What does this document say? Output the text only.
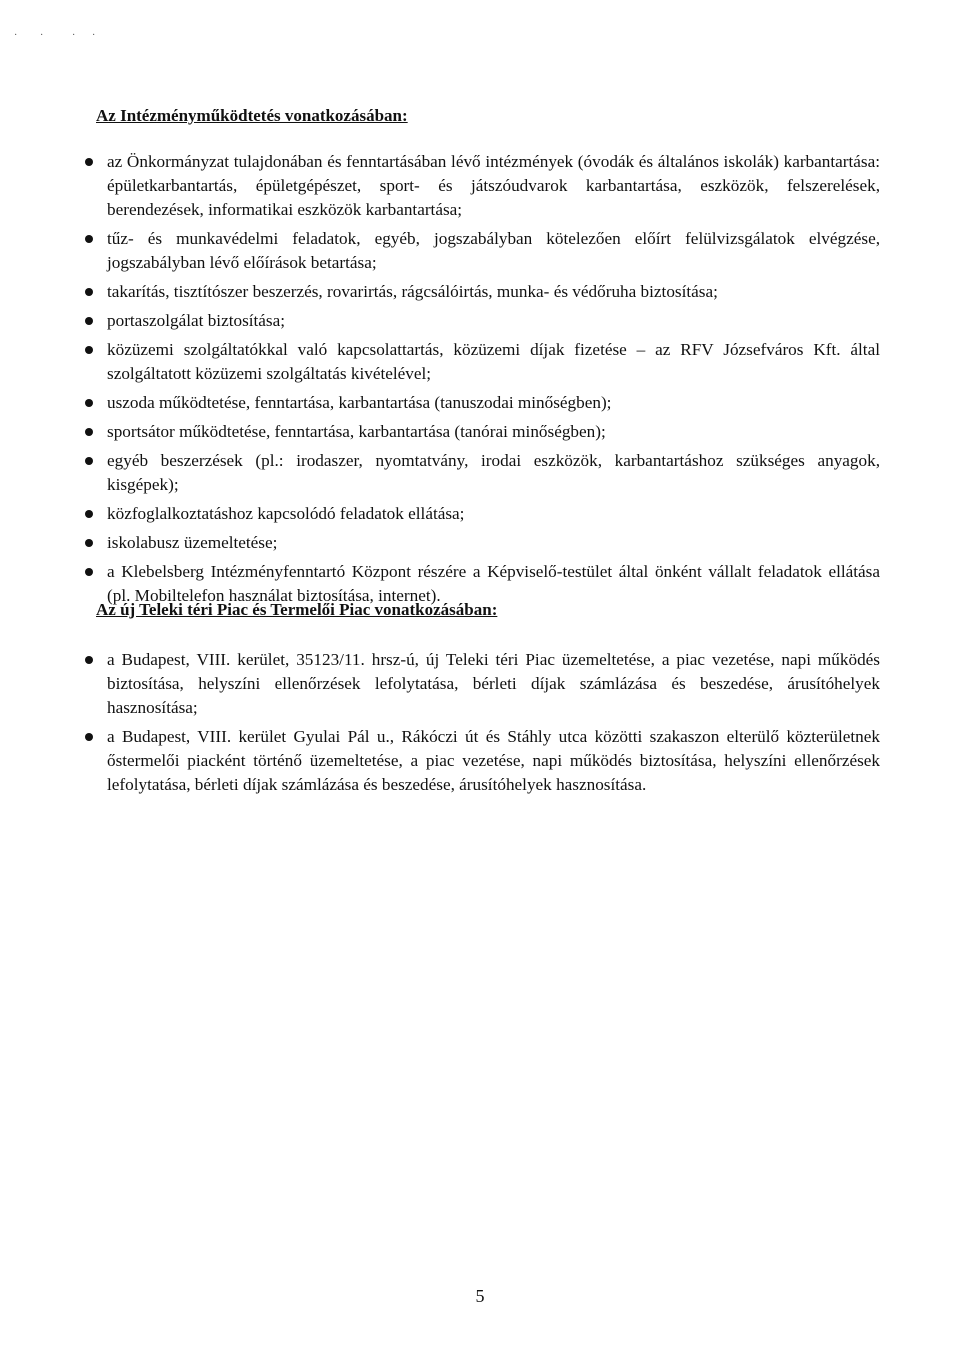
· ·	· ·
Az Intézményműködtetés vonatkozásában:
az Önkormányzat tulajdonában és fenntartásában lévő intézmények (óvodák és általános iskolák) karbantartása: épületkarbantartás, épületgépészet, sport- és játszóudvarok karbantartása, eszközök, felszerelések, berendezések, informatikai eszközök karbantartása;
tűz- és munkavédelmi feladatok, egyéb, jogszabályban kötelezően előírt felülvizsgálatok elvégzése, jogszabályban lévő előírások betartása;
takarítás, tisztítószer beszerzés, rovarirtás, rágcsálóirtás, munka- és védőruha biztosítása;
portaszolgálat biztosítása;
közüzemi szolgáltatókkal való kapcsolattartás, közüzemi díjak fizetése – az RFV Józsefváros Kft. által szolgáltatott közüzemi szolgáltatás kivételével;
uszoda működtetése, fenntartása, karbantartása (tanuszodai minőségben);
sportsátor működtetése, fenntartása, karbantartása (tanórai minőségben);
egyéb beszerzések (pl.: irodaszer, nyomtatvány, irodai eszközök, karbantartáshoz szükséges anyagok, kisgépek);
közfoglalkoztatáshoz kapcsolódó feladatok ellátása;
iskolabusz üzemeltetése;
a Klebelsberg Intézményfenntartó Központ részére a Képviselő-testület által önként vállalt feladatok ellátása (pl. Mobiltelefon használat biztosítása, internet).
Az új Teleki téri Piac és Termelői Piac vonatkozásában:
a Budapest, VIII. kerület, 35123/11. hrsz-ú, új Teleki téri Piac üzemeltetése, a piac vezetése, napi működés biztosítása, helyszíni ellenőrzések lefolytatása, bérleti díjak számlázása és beszedése, árusítóhelyek hasznosítása;
a Budapest, VIII. kerület Gyulai Pál u., Rákóczi út és Stáhly utca közötti szakaszon elterülő közterületnek őstermelői piacként történő üzemeltetése, a piac vezetése, napi működés biztosítása, helyszíni ellenőrzések lefolytatása, bérleti díjak számlázása és beszedése, árusítóhelyek hasznosítása.

5
